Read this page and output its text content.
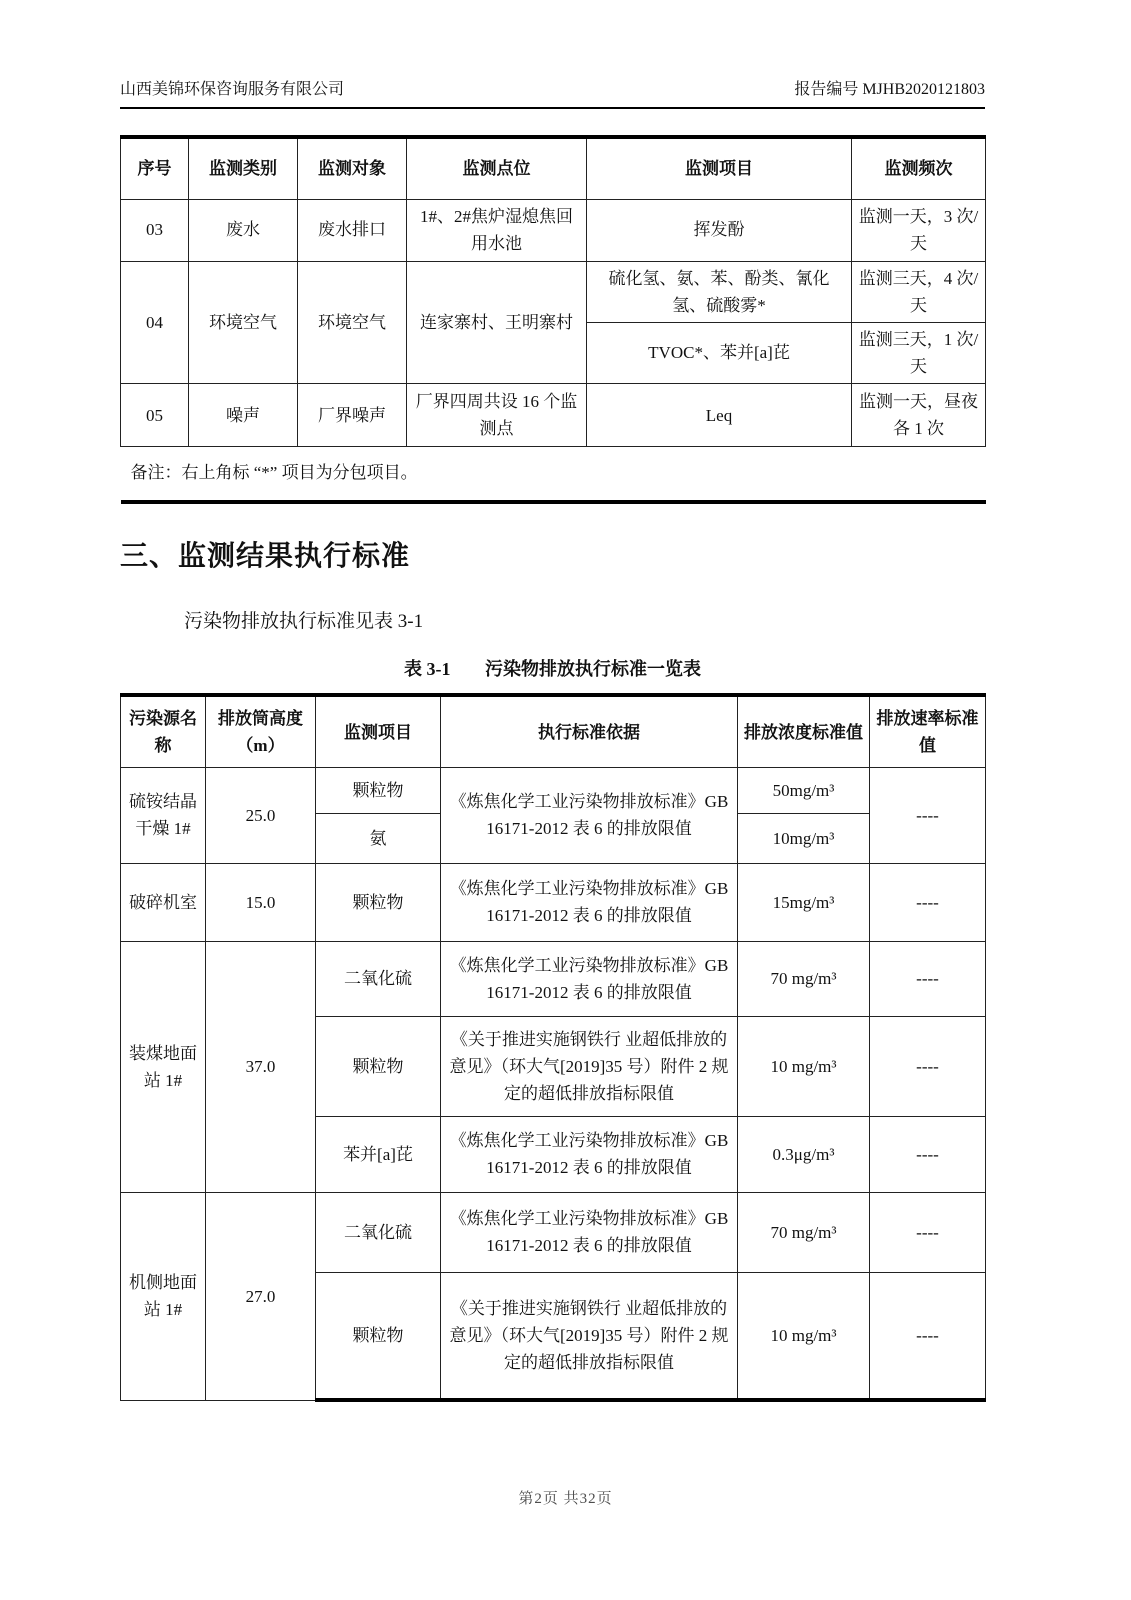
山西美锦环保咨询服务有限公司	报告编号 MJHB2020121803
序号	监测类别	监测对象	监测点位	监测项目	监测频次
03	废水	废水排口	1#、2#焦炉湿熄焦回用水池	挥发酚	监测一天，3 次/天
04	环境空气	环境空气	连家寨村、王明寨村	硫化氢、氨、苯、酚类、氰化氢、硫酸雾*	监测三天，4 次/天
				TVOC*、苯并[a]芘	监测三天，1 次/天
05	噪声	厂界噪声	厂界四周共设 16 个监测点	Leq	监测一天，昼夜各 1 次
备注：右上角标 “*” 项目为分包项目。					
三、监测结果执行标准
污染物排放执行标准见表 3-1
表 3-1 污染物排放执行标准一览表
污染源名称	排放筒高度（m）	监测项目	执行标准依据	排放浓度标准值	排放速率标准值
硫铵结晶干燥 1#	25.0	颗粒物	《炼焦化学工业污染物排放标准》GB16171-2012 表 6 的排放限值	50mg/m³	----
		氨		10mg/m³	
破碎机室	15.0	颗粒物	《炼焦化学工业污染物排放标准》GB16171-2012 表 6 的排放限值	15mg/m³	----
装煤地面站 1#	37.0	二氧化硫	《炼焦化学工业污染物排放标准》GB16171-2012 表 6 的排放限值	70 mg/m³	----
		颗粒物	《关于推进实施钢铁行 业超低排放的意见》（环大气[2019]35 号）附件 2 规定的超低排放指标限值	10 mg/m³	----
		苯并[a]芘	《炼焦化学工业污染物排放标准》GB16171-2012 表 6 的排放限值	0.3μg/m³	----
机侧地面站 1#	27.0	二氧化硫	《炼焦化学工业污染物排放标准》GB16171-2012 表 6 的排放限值	70 mg/m³	----
		颗粒物	《关于推进实施钢铁行 业超低排放的意见》（环大气[2019]35 号）附件 2 规定的超低排放指标限值	10 mg/m³	----
第2页 共32页
